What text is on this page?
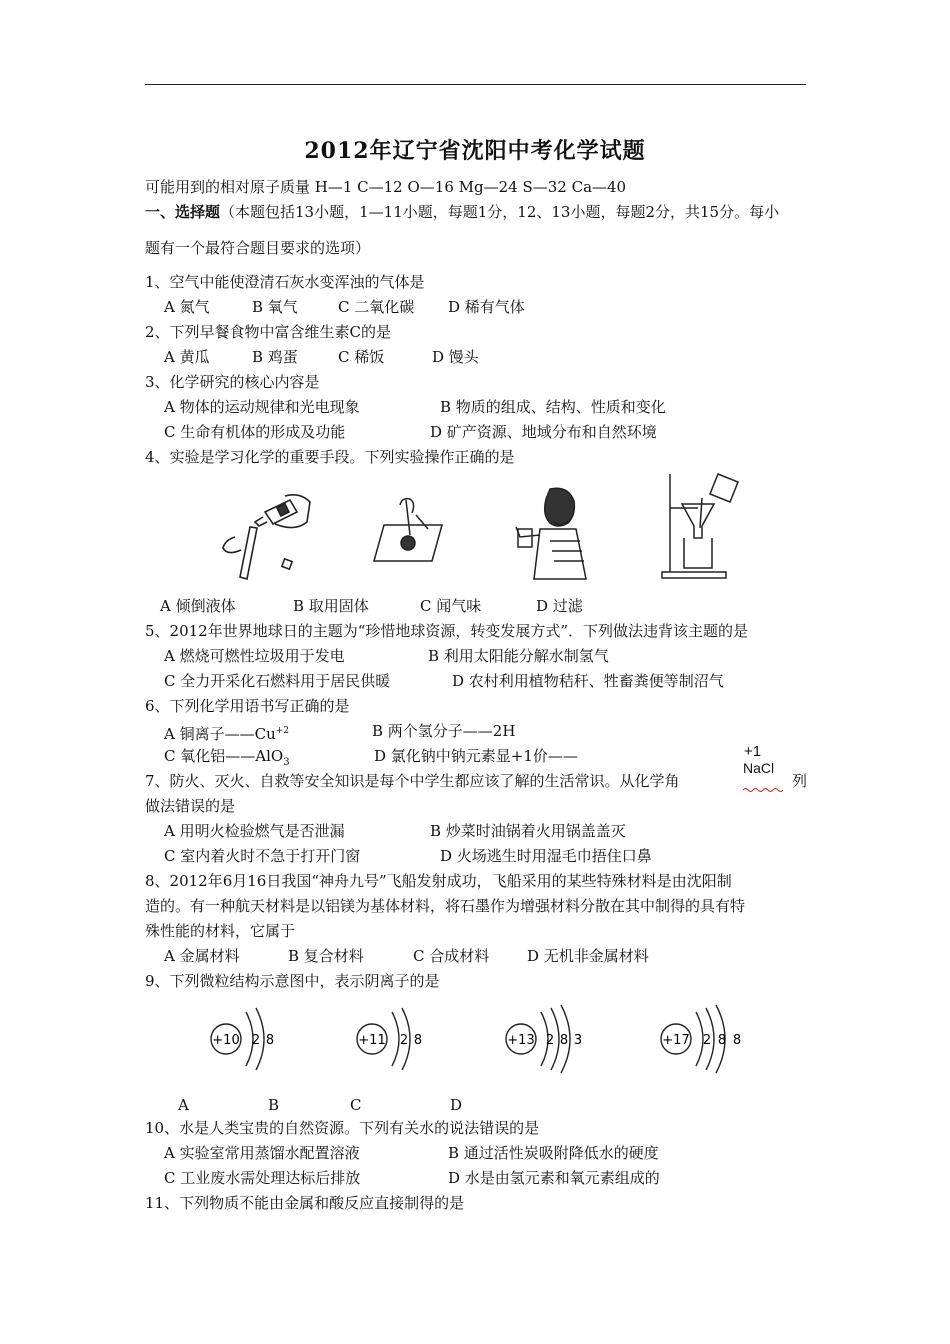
2012年辽宁省沈阳中考化学试题
可能用到的相对原子质量 H—1 C—12 O—16 Mg—24 S—32 Ca—40
一、选择题（本题包括13小题，1—11小题，每题1分，12、13小题，每题2分，共15分。每小
题有一个最符合题目要求的选项）
1、空气中能使澄清石灰水变浑浊的气体是
A 氮气	B 氧气	C 二氧化碳 D 稀有气体
2、下列早餐食物中富含维生素C的是
A 黄瓜	B 鸡蛋	C 稀饭	D 馒头
3、化学研究的核心内容是
A 物体的运动规律和光电现象	B 物质的组成、结构、性质和变化
C 生命有机体的形成及功能	D 矿产资源、地域分布和自然环境
4、实验是学习化学的重要手段。下列实验操作正确的是
A 倾倒液体	B 取用固体	C 闻气味	D 过滤
5、2012年世界地球日的主题为“珍惜地球资源，转变发展方式”．下列做法违背该主题的是
A 燃烧可燃性垃圾用于发电	B 利用太阳能分解水制氢气
C 全力开采化石燃料用于居民供暖	D 农村利用植物秸秆、牲畜粪便等制沼气
6、下列化学用语书写正确的是
A 铜离子$——Cu^{+2}$	B 两个氢分子——2H
C 氧化铝——AlO$_3$	D 氯化钠中钠元素显+1价——	+1
NaCl
7、防火、灭火、自救等安全知识是每个中学生都应该了解的生活常识。从化学角	列
做法错误的是
A 用明火检验燃气是否泄漏	B 炒菜时油锅着火用锅盖盖灭
C 室内着火时不急于打开门窗	D 火场逃生时用湿毛巾捂住口鼻
8、2012年6月16日我国“神舟九号”飞船发射成功，飞船采用的某些特殊材料是由沈阳制
造的。有一种航天材料是以铝镁为基体材料，将石墨作为增强材料分散在其中制得的具有特
殊性能的材料，它属于
A 金属材料	B 复合材料	C 合成材料	D 无机非金属材料
9、下列微粒结构示意图中，表示阴离子的是
+10 2 8	+11 2 8	+13 2 8 3	+17 2 8 8
A	B	C	D
10、水是人类宝贵的自然资源。下列有关水的说法错误的是
A 实验室常用蒸馏水配置溶液	B 通过活性炭吸附降低水的硬度
C 工业废水需处理达标后排放	D 水是由氢元素和氧元素组成的
11、下列物质不能由金属和酸反应直接制得的是
